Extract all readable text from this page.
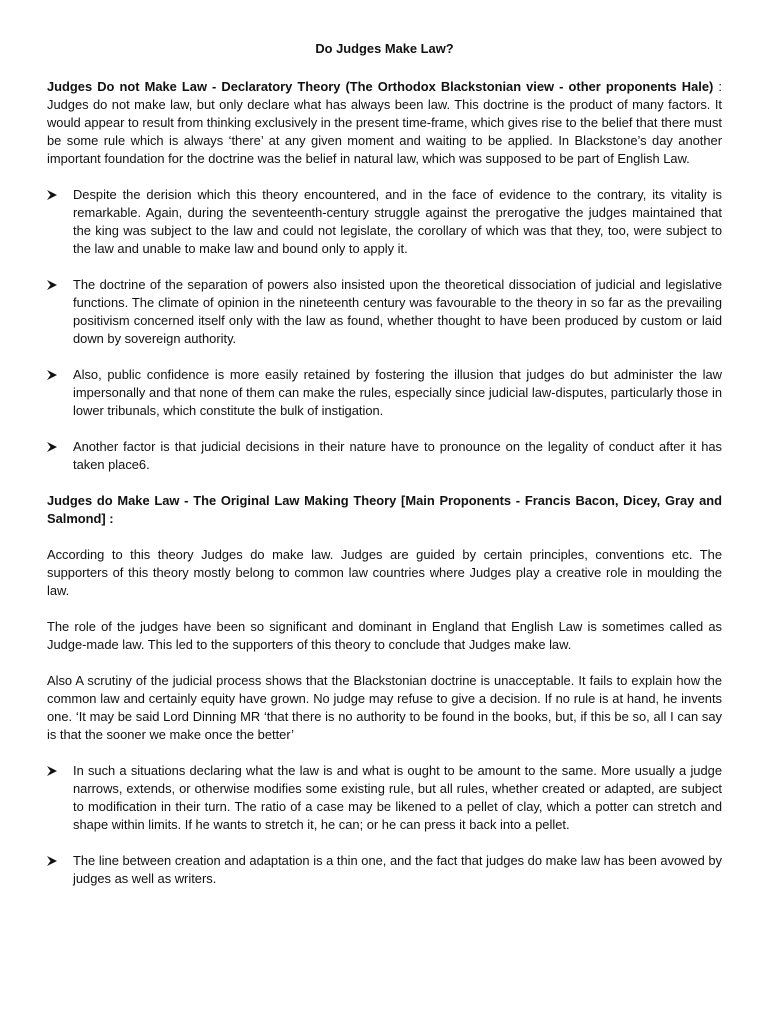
Do Judges Make Law?

Judges Do not Make Law - Declaratory Theory (The Orthodox Blackstonian view - other proponents Hale) : Judges do not make law, but only declare what has always been law. This doctrine is the product of many factors. It would appear to result from thinking exclusively in the present time-frame, which gives rise to the belief that there must be some rule which is always ‘there’ at any given moment and waiting to be applied. In Blackstone’s day another important foundation for the doctrine was the belief in natural law, which was supposed to be part of English Law.

Despite the derision which this theory encountered, and in the face of evidence to the contrary, its vitality is remarkable. Again, during the seventeenth-century struggle against the prerogative the judges maintained that the king was subject to the law and could not legislate, the corollary of which was that they, too, were subject to the law and unable to make law and bound only to apply it.
The doctrine of the separation of powers also insisted upon the theoretical dissociation of judicial and legislative functions. The climate of opinion in the nineteenth century was favourable to the theory in so far as the prevailing positivism concerned itself only with the law as found, whether thought to have been produced by custom or laid down by sovereign authority.
Also, public confidence is more easily retained by fostering the illusion that judges do but administer the law impersonally and that none of them can make the rules, especially since judicial law-disputes, particularly those in lower tribunals, which constitute the bulk of instigation.
Another factor is that judicial decisions in their nature have to pronounce on the legality of conduct after it has taken place6.

Judges do Make Law - The Original Law Making Theory [Main Proponents - Francis Bacon, Dicey, Gray and Salmond] :

According to this theory Judges do make law. Judges are guided by certain principles, conventions etc. The supporters of this theory mostly belong to common law countries where Judges play a creative role in moulding the law.

The role of the judges have been so significant and dominant in England that English Law is sometimes called as Judge-made law. This led to the supporters of this theory to conclude that Judges make law.

Also A scrutiny of the judicial process shows that the Blackstonian doctrine is unacceptable. It fails to explain how the common law and certainly equity have grown. No judge may refuse to give a decision. If no rule is at hand, he invents one. ‘It may be said Lord Dinning MR ‘that there is no authority to be found in the books, but, if this be so, all I can say is that the sooner we make once the better’

In such a situations declaring what the law is and what is ought to be amount to the same. More usually a judge narrows, extends, or otherwise modifies some existing rule, but all rules, whether created or adapted, are subject to modification in their turn. The ratio of a case may be likened to a pellet of clay, which a potter can stretch and shape within limits. If he wants to stretch it, he can; or he can press it back into a pellet.
The line between creation and adaptation is a thin one, and the fact that judges do make law has been avowed by judges as well as writers.
